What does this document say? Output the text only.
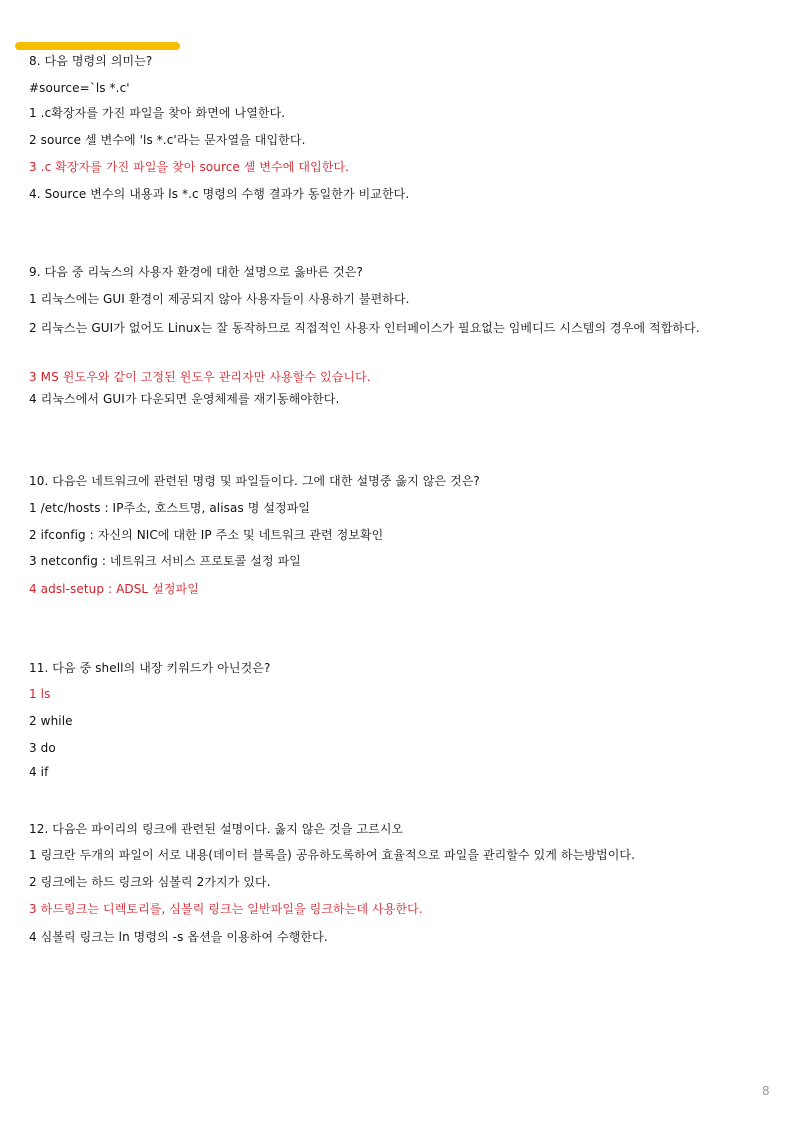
8. 다음 명령의 의미는?
#source=`ls *.c'
1 .c확장자를 가진 파일을 찾아 화면에 나열한다.
2 source 셀 변수에 'ls *.c'라는 문자열을 대입한다.
3 .c 확장자를 가진 파일을 찾아 source 셸 변수에 대입한다.
4. Source 변수의 내용과 ls *.c 명령의 수행 결과가 동일한가 비교한다.
9. 다음 중 리눅스의 사용자 환경에 대한 설명으로 옳바른 것은?
1 리눅스에는 GUI 환경이 제공되지 않아 사용자들이 사용하기 불편하다.
2 리눅스는 GUI가 없어도 Linux는 잘 동작하므로 직접적인 사용자 인터페이스가 필요없는 임베디드 시스템의 경우에 적합하다.
3 MS 윈도우와 같이 고정된 윈도우 관리자만 사용할수 있습니다.
4 리눅스에서 GUI가 다운되면 운영체제를 재기동해야한다.
10. 다음은 네트워크에 관련된 명령 및 파일들이다. 그에 대한 설명중 옳지 않은 것은?
1 /etc/hosts : IP주소, 호스트명, alisas 명 설정파일
2 ifconfig : 자신의 NIC에 대한 IP 주소 및 네트워크 관련 정보확인
3 netconfig : 네트워크 서비스 프로토콜 설정 파일
4 adsl-setup : ADSL 설정파일
11. 다음 중 shell의 내장 키워드가 아닌것은?
1 ls
2 while
3 do
4 if
12. 다음은 파이리의 링크에 관련된 설명이다. 옳지 않은 것을 고르시오
1 링크란 두개의 파일이 서로 내용(데이터 블록을) 공유하도록하여 효율적으로 파일을 관리할수 있게 하는방법이다.
2 링크에는 하드 링크와 심볼릭 2가지가 있다.
3 하드링크는 디렉토리를, 심볼릭 링크는 일반파일을 링크하는데 사용한다.
4 심볼릭 링크는 ln 명령의 -s 옵션을 이용하여 수행한다.
8
